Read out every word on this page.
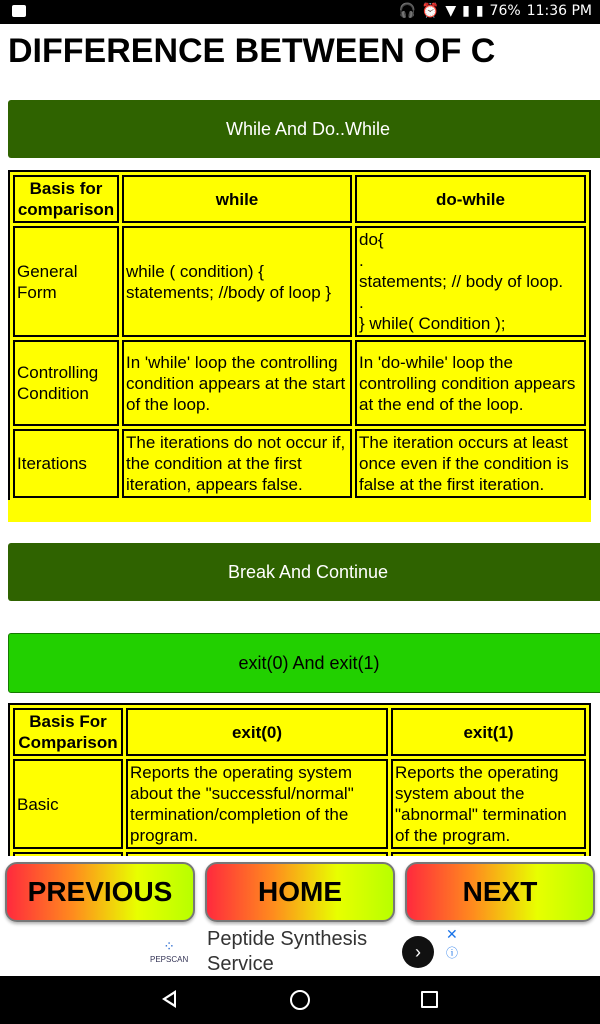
🎧 ⏰ ▼ ▮ ▮ 76% 11:36 PM
DIFFERENCE BETWEEN OF C
While And Do..While
Basis for comparison	while	do-while
General Form	while ( condition) { statements; //body of loop }	do{
.
statements; // body of loop.
.
} while( Condition );

Controlling Condition	In 'while' loop the controlling condition appears at the start of the loop.	In 'do-while' loop the controlling condition appears at the end of the loop.
Iterations	The iterations do not occur if, the condition at the first iteration, appears false.	The iteration occurs at least once even if the condition is false at the first iteration.
Break And Continue
exit(0) And exit(1)
Basis For Comparison	exit(0)	exit(1)
Basic	Reports the operating system about the "successful/normal" termination/completion of the program.	Reports the operating system about the "abnormal" termination of the program.

PREVIOUS	HOME	NEXT
⁘
PEPSCAN
Peptide Synthesis Service
›
✕
ⓘ
